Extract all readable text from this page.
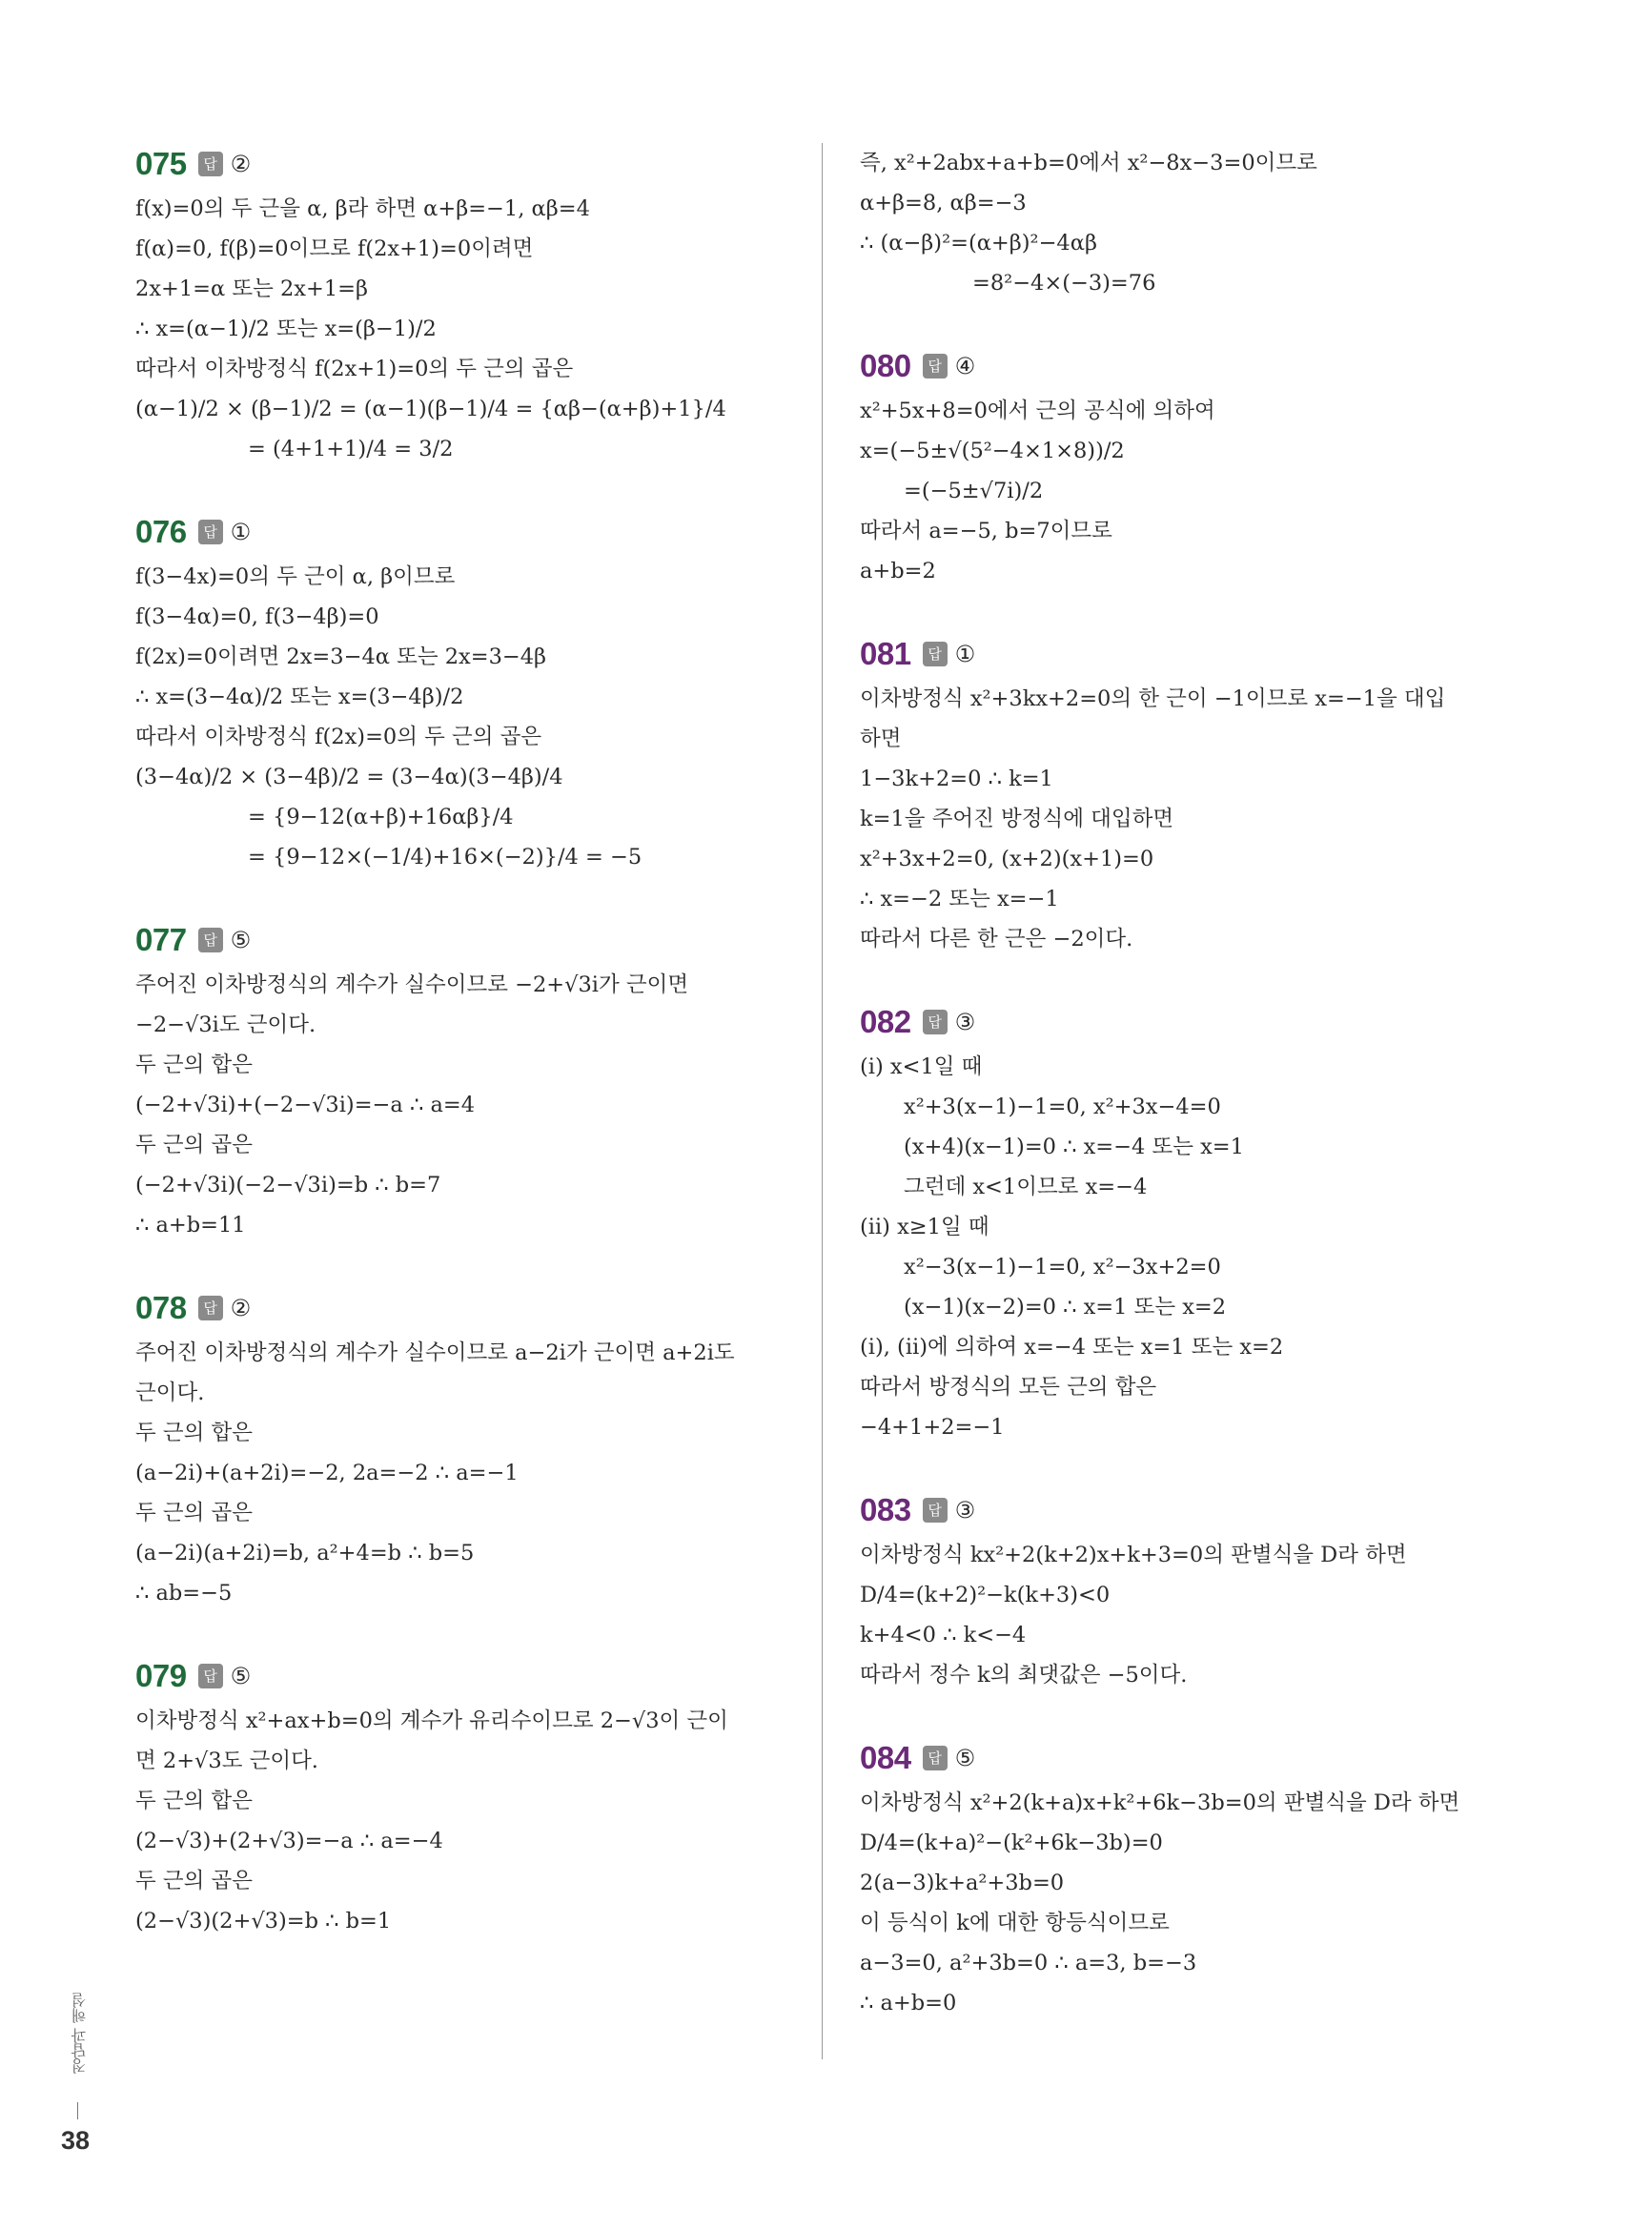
075	답 ②
f(x)=0의 두 근을 α, β라 하면 α+β=−1, αβ=4
f(α)=0, f(β)=0이므로 f(2x+1)=0이려면
2x+1=α 또는 2x+1=β
∴ x=(α−1)/2 또는 x=(β−1)/2
따라서 이차방정식 f(2x+1)=0의 두 근의 곱은
(α−1)/2 × (β−1)/2 = (α−1)(β−1)/4 = {αβ−(α+β)+1}/4
= (4+1+1)/4 = 3/2
076	답 ①
f(3−4x)=0의 두 근이 α, β이므로
f(3−4α)=0, f(3−4β)=0
f(2x)=0이려면 2x=3−4α 또는 2x=3−4β
∴ x=(3−4α)/2 또는 x=(3−4β)/2
따라서 이차방정식 f(2x)=0의 두 근의 곱은
(3−4α)/2 × (3−4β)/2 = (3−4α)(3−4β)/4
= {9−12(α+β)+16αβ}/4
= {9−12×(−1/4)+16×(−2)}/4 = −5
077	답 ⑤
주어진 이차방정식의 계수가 실수이므로 −2+√3i가 근이면
−2−√3i도 근이다.
두 근의 합은
(−2+√3i)+(−2−√3i)=−a ∴ a=4
두 근의 곱은
(−2+√3i)(−2−√3i)=b ∴ b=7
∴ a+b=11
078	답 ②
주어진 이차방정식의 계수가 실수이므로 a−2i가 근이면 a+2i도
근이다.
두 근의 합은
(a−2i)+(a+2i)=−2, 2a=−2 ∴ a=−1
두 근의 곱은
(a−2i)(a+2i)=b, a²+4=b ∴ b=5
∴ ab=−5
079	답 ⑤
이차방정식 x²+ax+b=0의 계수가 유리수이므로 2−√3이 근이
면 2+√3도 근이다.
두 근의 합은
(2−√3)+(2+√3)=−a ∴ a=−4
두 근의 곱은
(2−√3)(2+√3)=b ∴ b=1
즉, x²+2abx+a+b=0에서 x²−8x−3=0이므로
α+β=8, αβ=−3
∴ (α−β)²=(α+β)²−4αβ
=8²−4×(−3)=76
080	답 ④
x²+5x+8=0에서 근의 공식에 의하여
x=(−5±√(5²−4×1×8))/2
=(−5±√7i)/2
따라서 a=−5, b=7이므로
a+b=2
081	답 ①
이차방정식 x²+3kx+2=0의 한 근이 −1이므로 x=−1을 대입
하면
1−3k+2=0 ∴ k=1
k=1을 주어진 방정식에 대입하면
x²+3x+2=0, (x+2)(x+1)=0
∴ x=−2 또는 x=−1
따라서 다른 한 근은 −2이다.
082	답 ③
(ⅰ) x<1일 때
x²+3(x−1)−1=0, x²+3x−4=0
(x+4)(x−1)=0 ∴ x=−4 또는 x=1
그런데 x<1이므로 x=−4
(ⅱ) x≥1일 때
x²−3(x−1)−1=0, x²−3x+2=0
(x−1)(x−2)=0 ∴ x=1 또는 x=2
(ⅰ), (ⅱ)에 의하여 x=−4 또는 x=1 또는 x=2
따라서 방정식의 모든 근의 합은
−4+1+2=−1
083	답 ③
이차방정식 kx²+2(k+2)x+k+3=0의 판별식을 D라 하면
D/4=(k+2)²−k(k+3)<0
k+4<0 ∴ k<−4
따라서 정수 k의 최댓값은 −5이다.
084	답 ⑤
이차방정식 x²+2(k+a)x+k²+6k−3b=0의 판별식을 D라 하면
D/4=(k+a)²−(k²+6k−3b)=0
2(a−3)k+a²+3b=0
이 등식이 k에 대한 항등식이므로
a−3=0, a²+3b=0 ∴ a=3, b=−3
∴ a+b=0
정답과 해설
38
